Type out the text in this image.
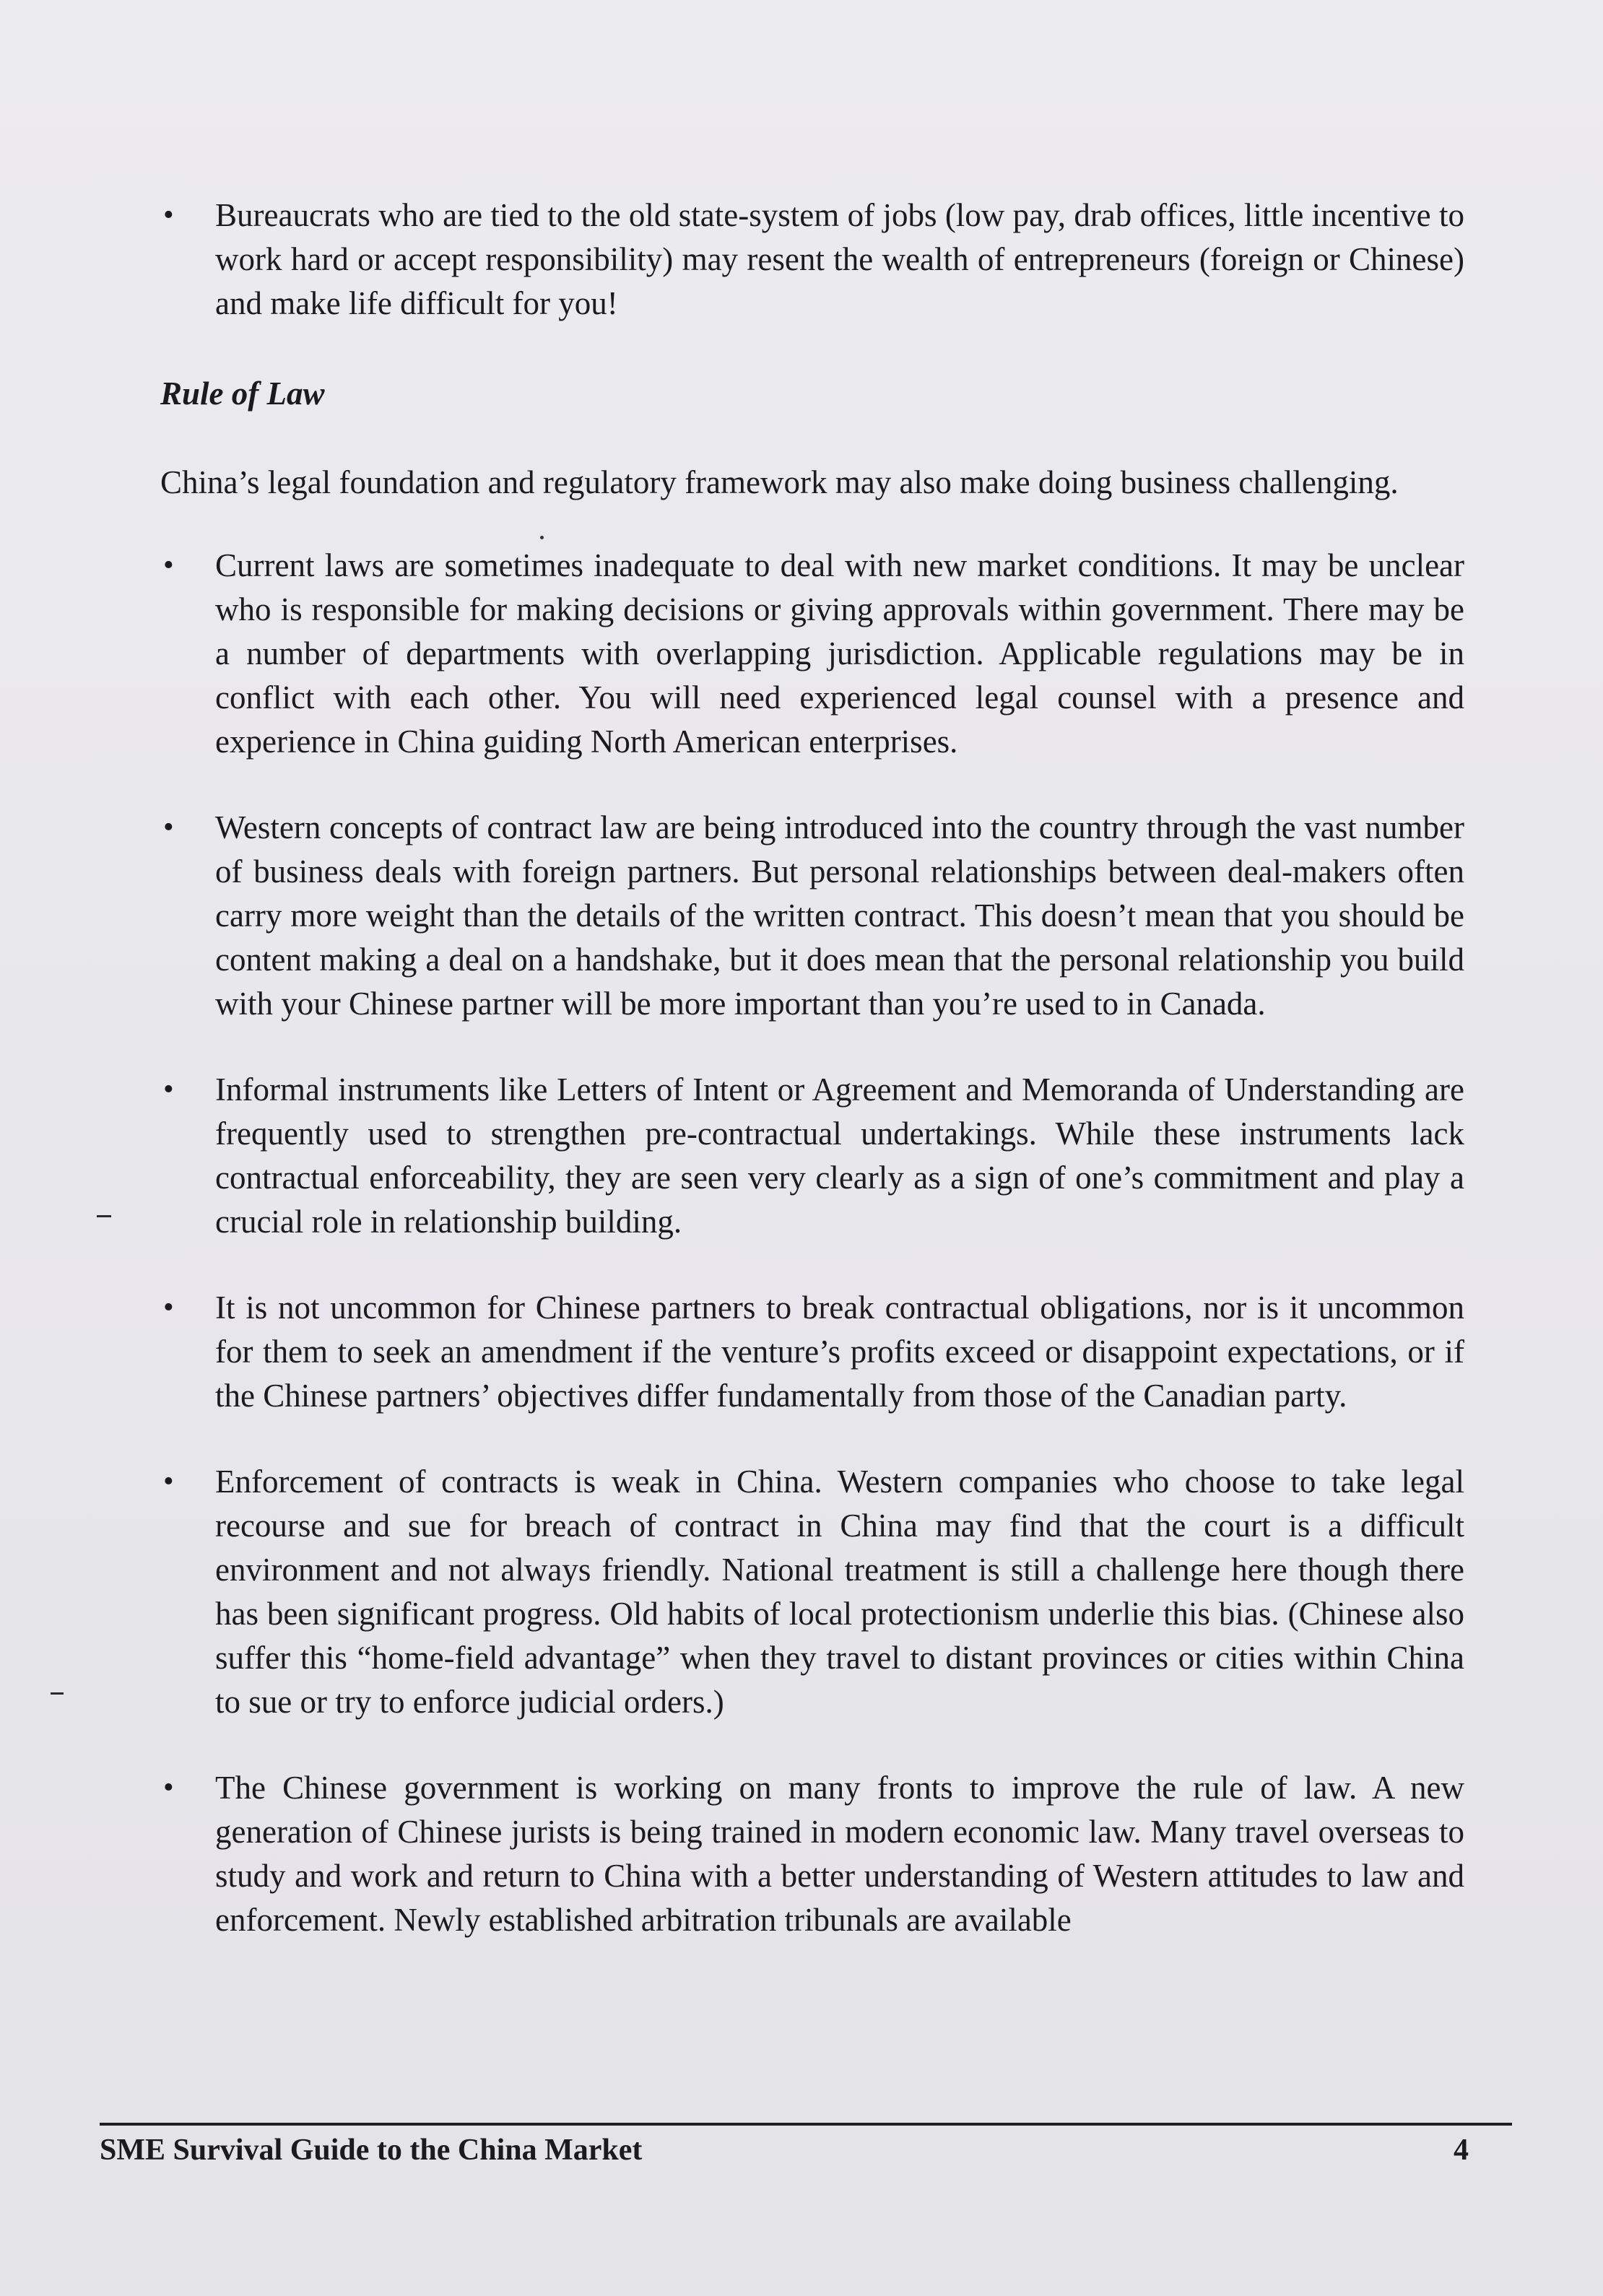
• Bureaucrats who are tied to the old state-system of jobs (low pay, drab offices, little incentive to work hard or accept responsibility) may resent the wealth of entrepreneurs (foreign or Chinese) and make life difficult for you!

Rule of Law

China’s legal foundation and regulatory framework may also make doing business challenging.

• Current laws are sometimes inadequate to deal with new market conditions. It may be unclear who is responsible for making decisions or giving approvals within government. There may be a number of departments with overlapping jurisdiction. Applicable regulations may be in conflict with each other. You will need experienced legal counsel with a presence and experience in China guiding North American enterprises.
• Western concepts of contract law are being introduced into the country through the vast number of business deals with foreign partners. But personal relationships between deal-makers often carry more weight than the details of the written contract. This doesn’t mean that you should be content making a deal on a handshake, but it does mean that the personal relationship you build with your Chinese partner will be more important than you’re used to in Canada.
• Informal instruments like Letters of Intent or Agreement and Memoranda of Understanding are frequently used to strengthen pre-contractual undertakings. While these instruments lack contractual enforceability, they are seen very clearly as a sign of one’s commitment and play a crucial role in relationship building.
• It is not uncommon for Chinese partners to break contractual obligations, nor is it uncommon for them to seek an amendment if the venture’s profits exceed or disappoint expectations, or if the Chinese partners’ objectives differ fundamentally from those of the Canadian party.
• Enforcement of contracts is weak in China. Western companies who choose to take legal recourse and sue for breach of contract in China may find that the court is a difficult environment and not always friendly. National treatment is still a challenge here though there has been significant progress. Old habits of local protectionism underlie this bias. (Chinese also suffer this “home-field advantage” when they travel to distant provinces or cities within China to sue or try to enforce judicial orders.)
• The Chinese government is working on many fronts to improve the rule of law. A new generation of Chinese jurists is being trained in modern economic law. Many travel overseas to study and work and return to China with a better understanding of Western attitudes to law and enforcement. Newly established arbitration tribunals are available
SME Survival Guide to the China Market	4
